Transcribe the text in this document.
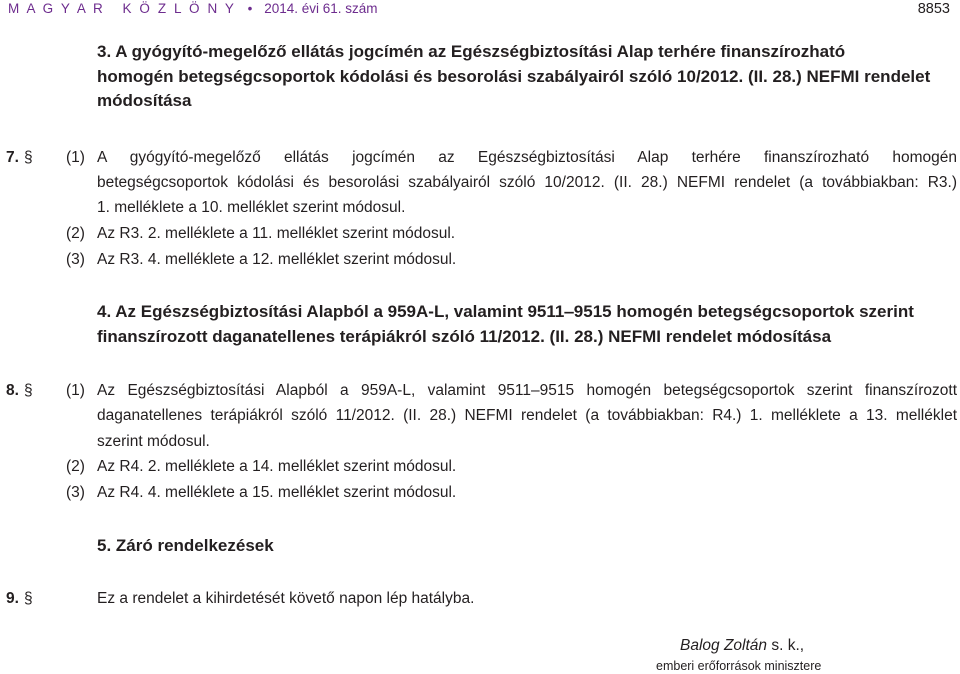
M A G Y A R   K Ö Z L Ö N Y • 2014. évi 61. szám	8853
3. A gyógyító-megelőző ellátás jogcímén az Egészségbiztosítási Alap terhére finanszírozható
homogén betegségcsoportok kódolási és besorolási szabályairól szóló 10/2012. (II. 28.) NEFMI rendelet
módosítása
7. § (1) A gyógyító-megelőző ellátás jogcímén az Egészségbiztosítási Alap terhére finanszírozható homogén
betegségcsoportok kódolási és besorolási szabályairól szóló 10/2012. (II. 28.) NEFMI rendelet (a továbbiakban: R3.)
1. melléklete a 10. melléklet szerint módosul.
(2) Az R3. 2. melléklete a 11. melléklet szerint módosul.
(3) Az R3. 4. melléklete a 12. melléklet szerint módosul.
4. Az Egészségbiztosítási Alapból a 959A-L, valamint 9511‒9515 homogén betegségcsoportok szerint
finanszírozott daganatellenes terápiákról szóló 11/2012. (II. 28.) NEFMI rendelet módosítása
8. § (1) Az Egészségbiztosítási Alapból a 959A-L, valamint 9511‒9515 homogén betegségcsoportok szerint finanszírozott
daganatellenes terápiákról szóló 11/2012. (II. 28.) NEFMI rendelet (a továbbiakban: R4.) 1. melléklete a 13. melléklet
szerint módosul.
(2) Az R4. 2. melléklete a 14. melléklet szerint módosul.
(3) Az R4. 4. melléklete a 15. melléklet szerint módosul.
5. Záró rendelkezések
9. §	Ez a rendelet a kihirdetését követő napon lép hatályba.
Balog Zoltán s. k.,
emberi erőforrások minisztere
